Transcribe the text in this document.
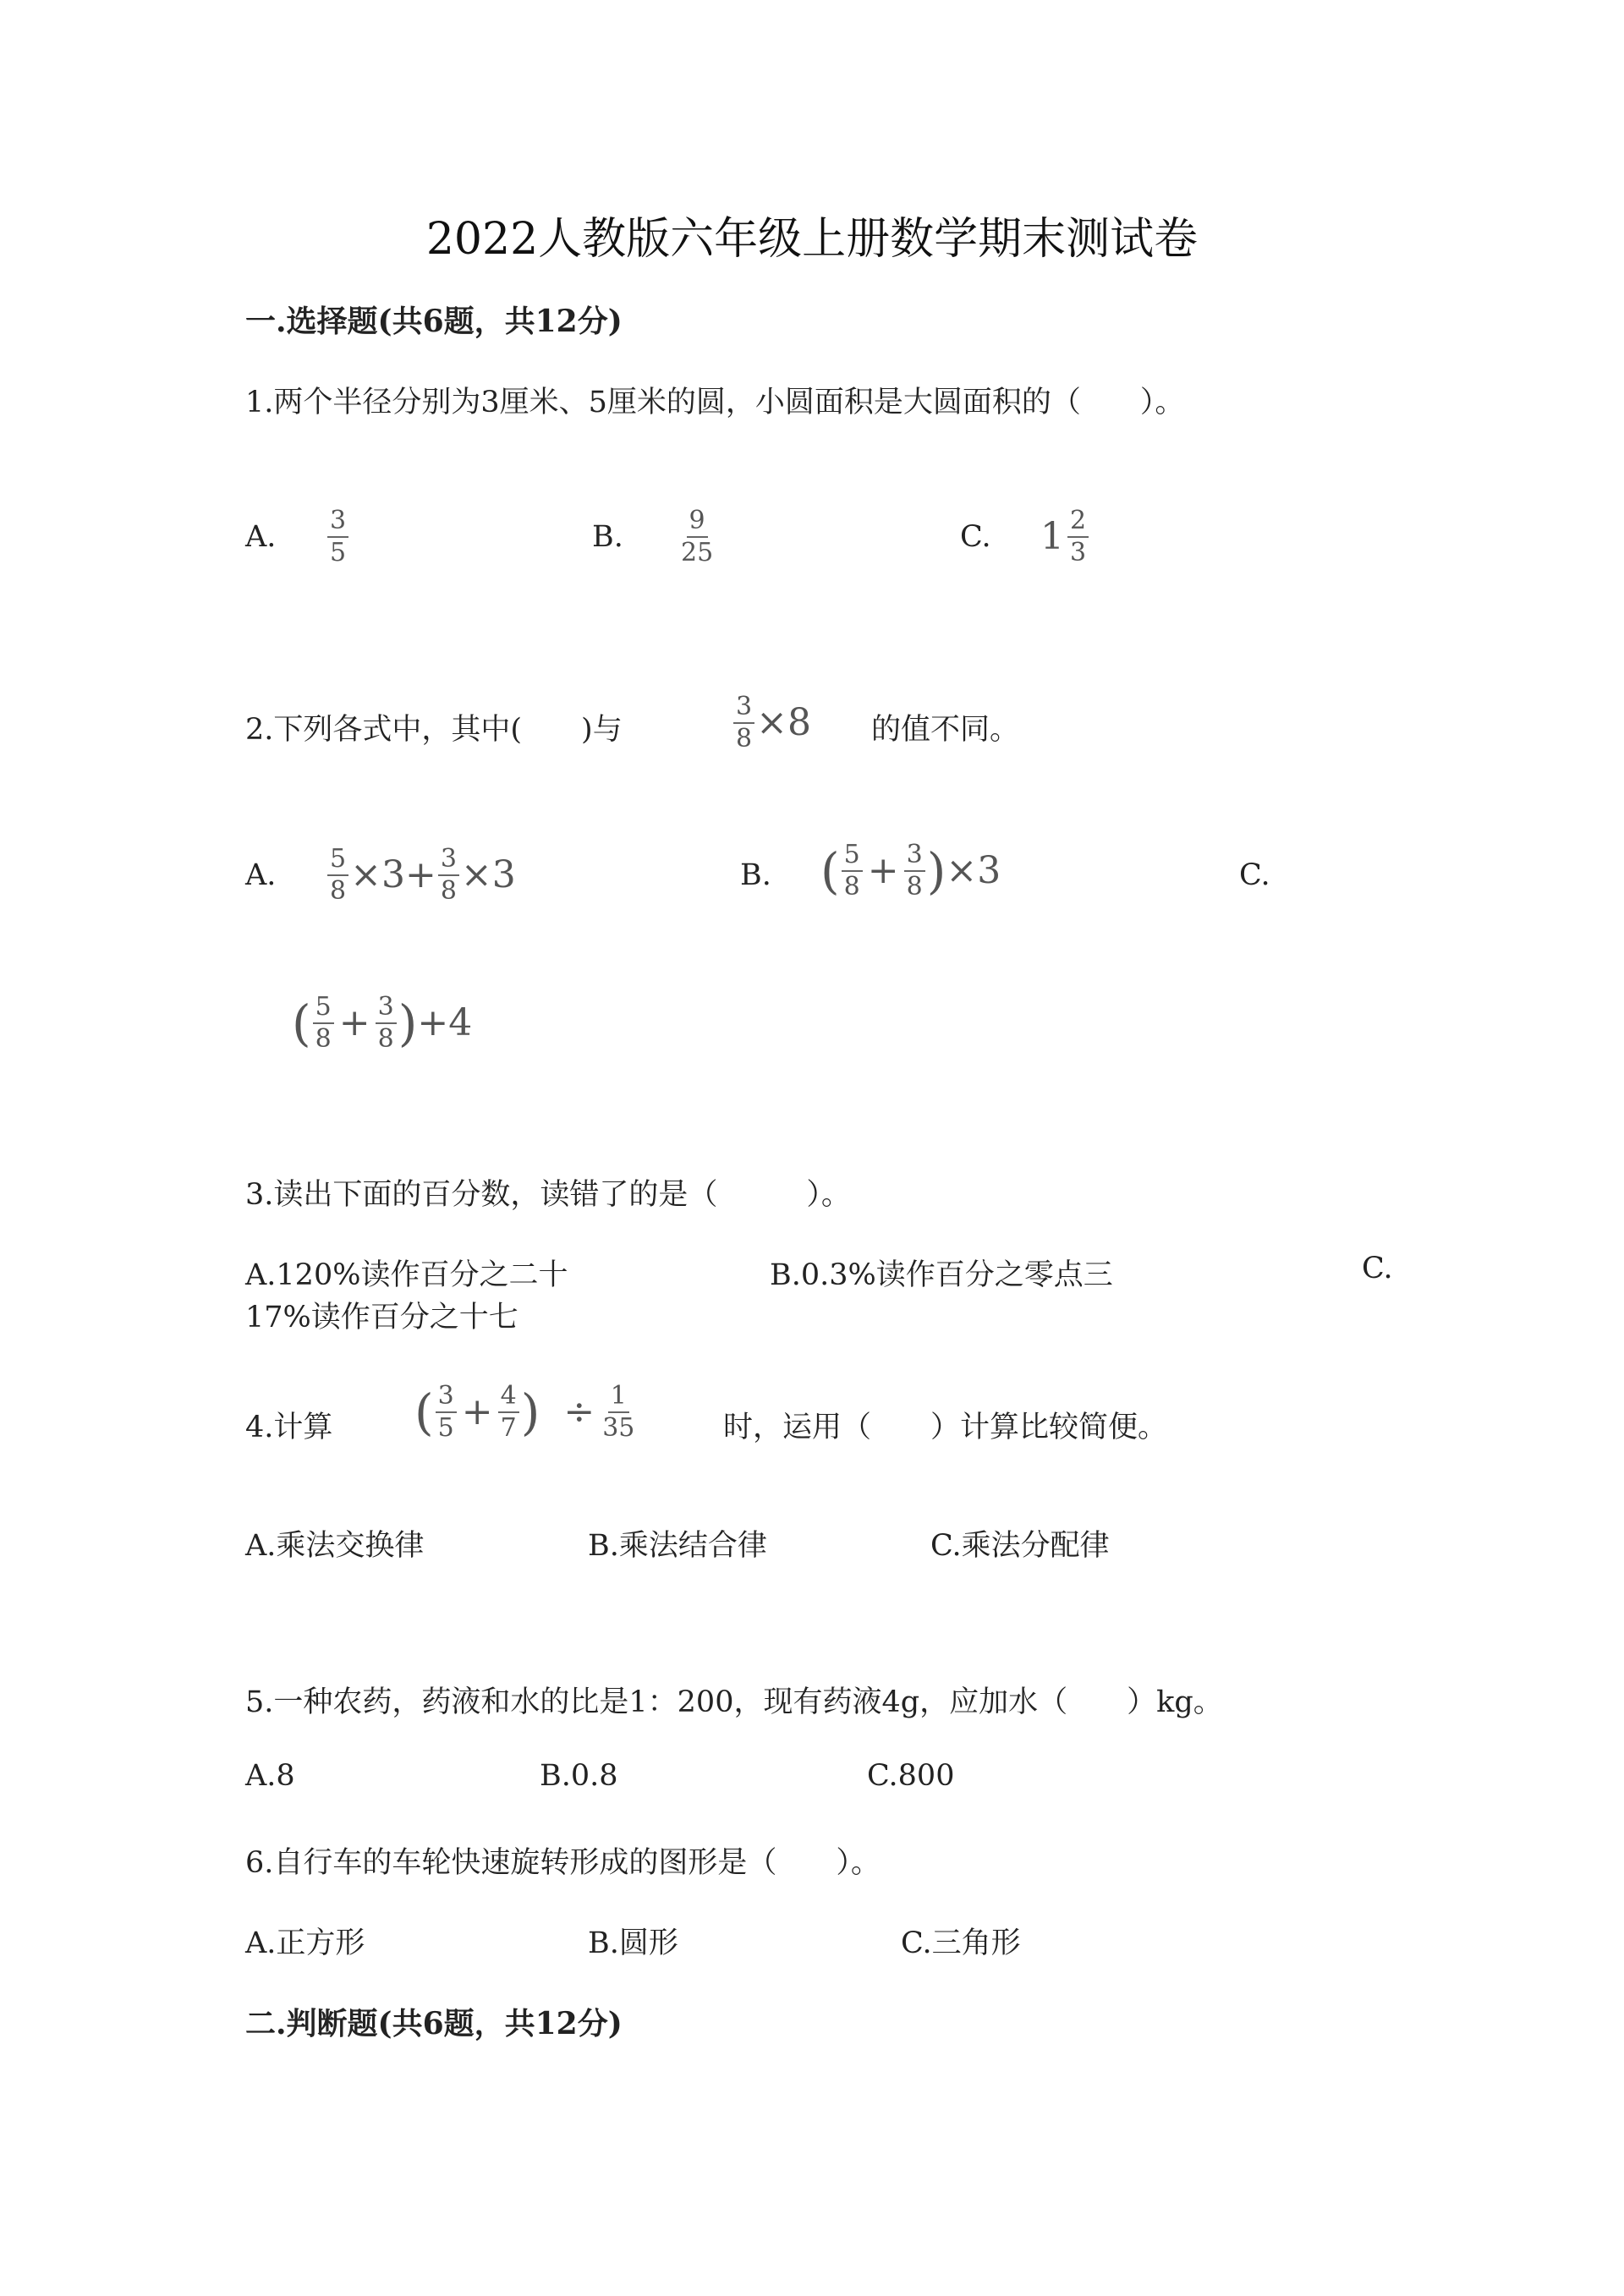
2022人教版六年级上册数学期末测试卷
一.选择题(共6题，共12分)
1.两个半径分别为3厘米、5厘米的圆，小圆面积是大圆面积的（　　）。
A. $\frac{3}{5}$	B. $\frac{9}{25}$	C. $1 \frac{2}{3}$
2.下列各式中，其中(　　)与	$\frac{3}{8} \times 8$ 的值不同。
A. $\frac{5}{8} \times 3+ \frac{3}{8} \times 3$	B. ( $\frac{5}{8} + \frac{3}{8}$ ) ×3	C.
( $\frac{5}{8} + \frac{3}{8}$ ) +4
3.读出下面的百分数，读错了的是（　　　）。
A.120%读作百分之二十	B.0.3%读作百分之零点三	C.
17%读作百分之十七
4.计算 ( $\frac{3}{5} + \frac{4}{7}$ ) ÷ $\frac{1}{35}$	时，运用（　　）计算比较简便。
A.乘法交换律	B.乘法结合律	C.乘法分配律
5.一种农药，药液和水的比是1：200，现有药液4g，应加水（　　）kg。
A.8	B.0.8	C.800
6.自行车的车轮快速旋转形成的图形是（　　）。
A.正方形	B.圆形	C.三角形
二.判断题(共6题，共12分)
